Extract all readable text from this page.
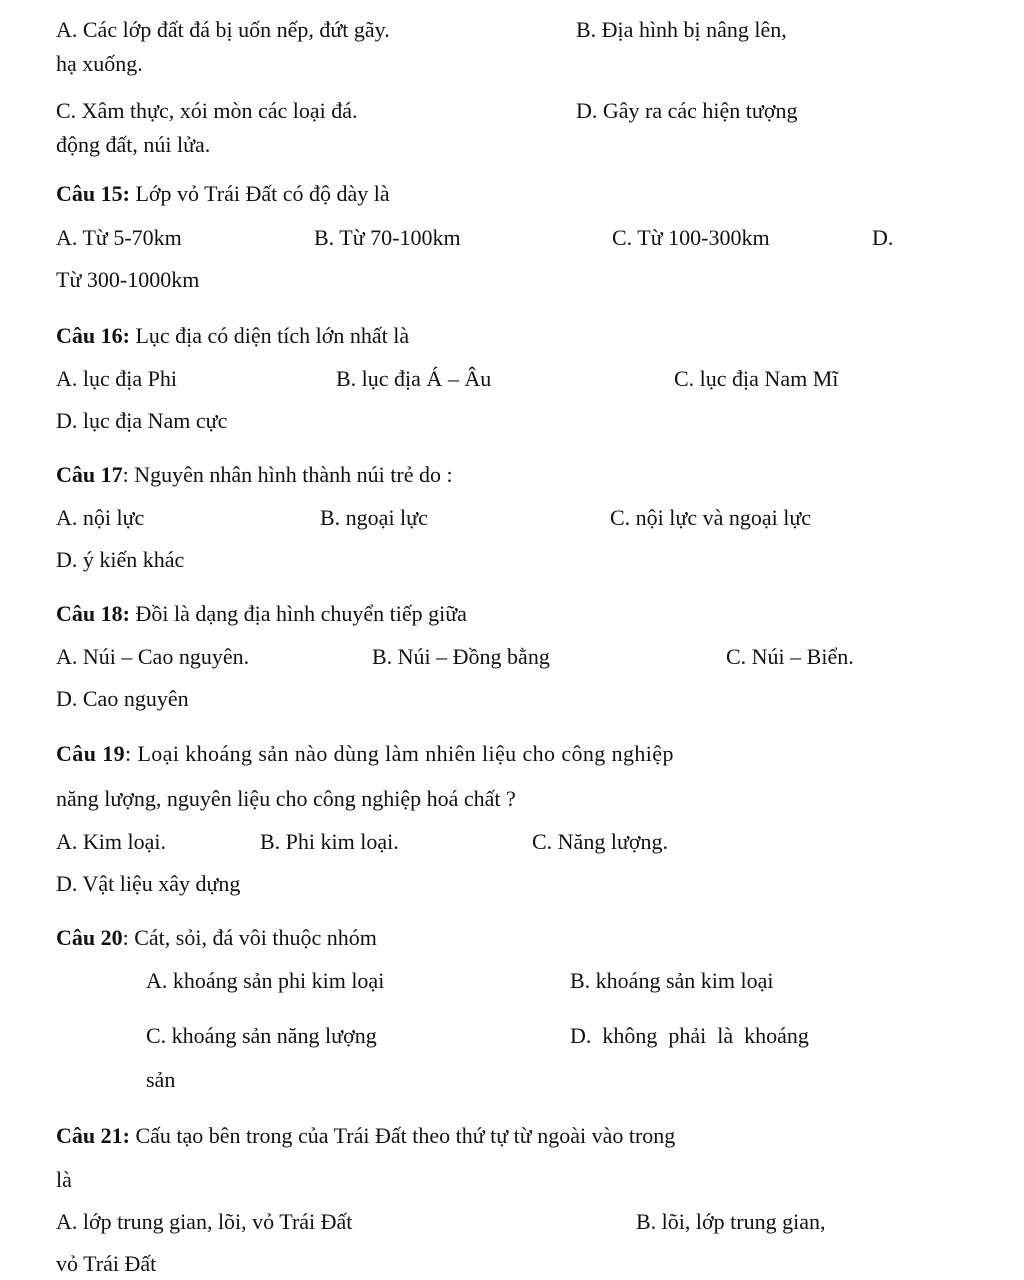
A. Các lớp đất đá bị uốn nếp, đứt gãy.	B. Địa hình bị nâng lên,
hạ xuống.
C. Xâm thực, xói mòn các loại đá.	D. Gây ra các hiện tượng
động đất, núi lửa.
Câu 15: Lớp vỏ Trái Đất có độ dày là
A. Từ 5-70km	B. Từ 70-100km	C. Từ 100-300km	D.
Từ 300-1000km
Câu 16: Lục địa có diện tích lớn nhất là
A. lục địa Phi	B. lục địa Á – Âu	C. lục địa Nam Mĩ
D. lục địa Nam cực
Câu 17: Nguyên nhân hình thành núi trẻ do :
A. nội lực	B. ngoại lực	C. nội lực và ngoại lực
D. ý kiến khác
Câu 18: Đồi là dạng địa hình chuyển tiếp giữa
A. Núi – Cao nguyên.	B. Núi – Đồng bằng	C. Núi – Biển.
D. Cao nguyên
Câu 19: Loại khoáng sản nào dùng làm nhiên liệu cho công nghiệp
năng lượng, nguyên liệu cho công nghiệp hoá chất ?
A. Kim loại.	B. Phi kim loại.	C. Năng lượng.
D. Vật liệu xây dựng
Câu 20: Cát, sỏi, đá vôi thuộc nhóm
A. khoáng sản phi kim loại	B. khoáng sản kim loại
C. khoáng sản năng lượng	D.  không  phải  là  khoáng
sản
Câu 21: Cấu tạo bên trong của Trái Đất theo thứ tự từ ngoài vào trong
là
A. lớp trung gian, lõi, vỏ Trái Đất	B. lõi, lớp trung gian,
vỏ Trái Đất
